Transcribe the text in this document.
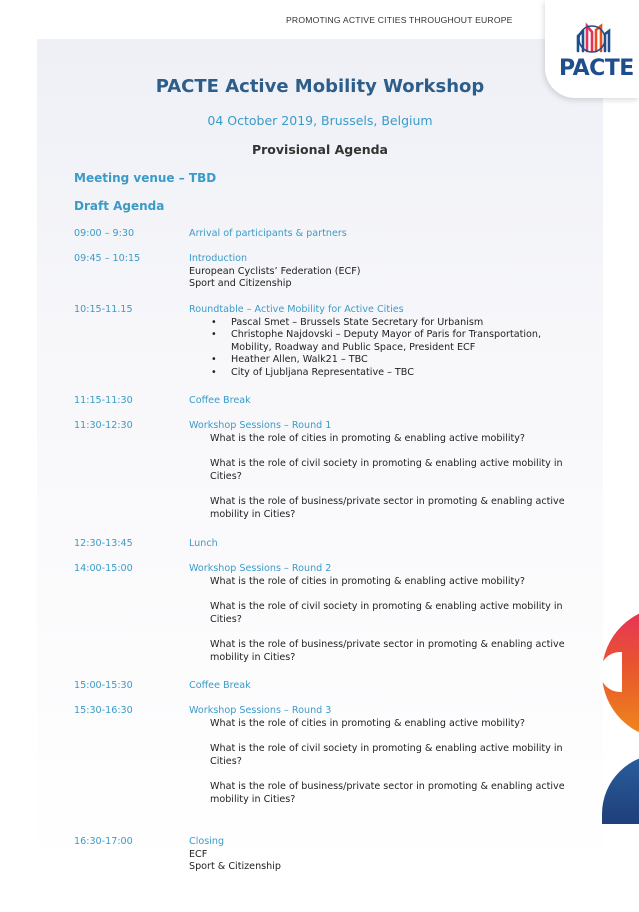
PROMOTING ACTIVE CITIES THROUGHOUT EUROPE
PACTE
PACTE Active Mobility Workshop
04 October 2019, Brussels, Belgium
Provisional Agenda
Meeting venue – TBD
Draft Agenda
09:00 – 9:30	Arrival of participants & partners
09:45 – 10:15	Introduction
European Cyclists’ Federation (ECF)
Sport and Citizenship
10:15-11.15	Roundtable – Active Mobility for Active Cities
• Pascal Smet – Brussels State Secretary for Urbanism
• Christophe Najdovski – Deputy Mayor of Paris for Transportation, Mobility, Roadway and Public Space, President ECF
• Heather Allen, Walk21 – TBC
• City of Ljubljana Representative – TBC
11:15-11:30	Coffee Break
11:30-12:30	Workshop Sessions – Round 1
What is the role of cities in promoting & enabling active mobility?
What is the role of civil society in promoting & enabling active mobility in Cities?
What is the role of business/private sector in promoting & enabling active mobility in Cities?
12:30-13:45	Lunch
14:00-15:00	Workshop Sessions – Round 2
What is the role of cities in promoting & enabling active mobility?
What is the role of civil society in promoting & enabling active mobility in Cities?
What is the role of business/private sector in promoting & enabling active mobility in Cities?
15:00-15:30	Coffee Break
15:30-16:30	Workshop Sessions – Round 3
What is the role of cities in promoting & enabling active mobility?
What is the role of civil society in promoting & enabling active mobility in Cities?
What is the role of business/private sector in promoting & enabling active mobility in Cities?
16:30-17:00	Closing
ECF
Sport & Citizenship
